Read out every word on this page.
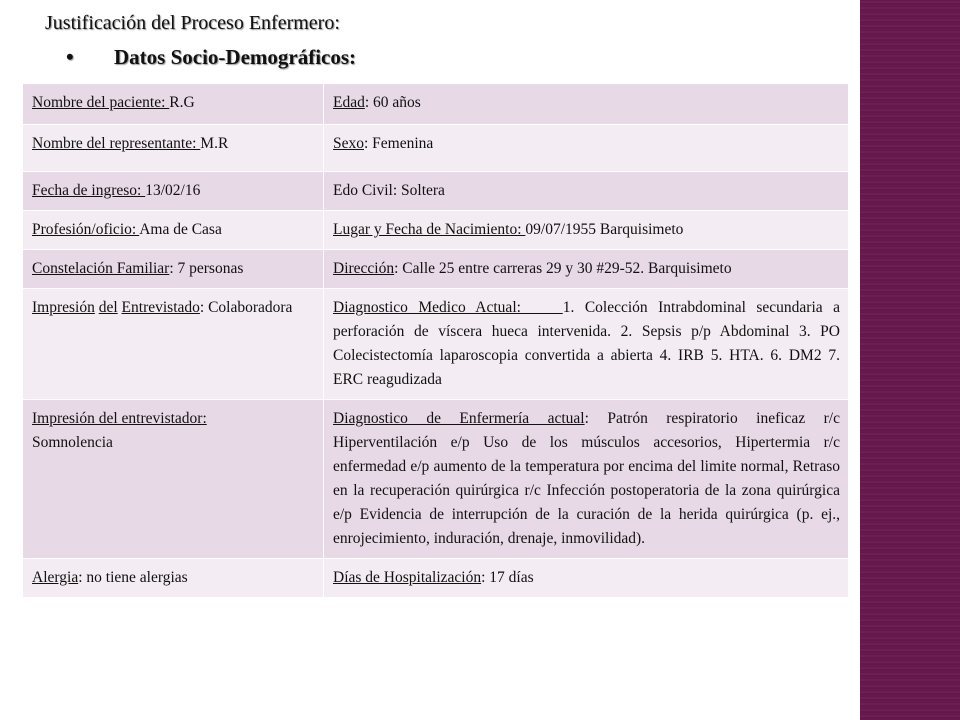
Justificación del Proceso Enfermero:
•	Datos Socio-Demográficos:
Nombre del paciente: R.G	Edad: 60 años
Nombre del representante: M.R	Sexo: Femenina
Fecha de ingreso: 13/02/16	Edo Civil: Soltera
Profesión/oficio: Ama de Casa	Lugar y Fecha de Nacimiento: 09/07/1955 Barquisimeto
Constelación Familiar: 7 personas	Dirección: Calle 25 entre carreras 29 y 30 #29-52. Barquisimeto
Impresión del Entrevistado: Colaboradora	Diagnostico Medico Actual:    1. Colección Intrabdominal secundaria a perforación de víscera hueca intervenida. 2. Sepsis p/p Abdominal 3. PO Colecistectomía laparoscopia convertida a abierta 4. IRB 5. HTA. 6. DM2 7. ERC reagudizada
Impresión del entrevistador:
Somnolencia	Diagnostico de Enfermería actual: Patrón respiratorio ineficaz r/c Hiperventilación e/p Uso de los músculos accesorios, Hipertermia r/c enfermedad e/p aumento de la temperatura por encima del limite normal, Retraso en la recuperación quirúrgica r/c Infección postoperatoria de la zona quirúrgica e/p Evidencia de interrupción de la curación de la herida quirúrgica (p. ej., enrojecimiento, induración, drenaje, inmovilidad).
Alergia: no tiene alergias	Días de Hospitalización: 17 días
